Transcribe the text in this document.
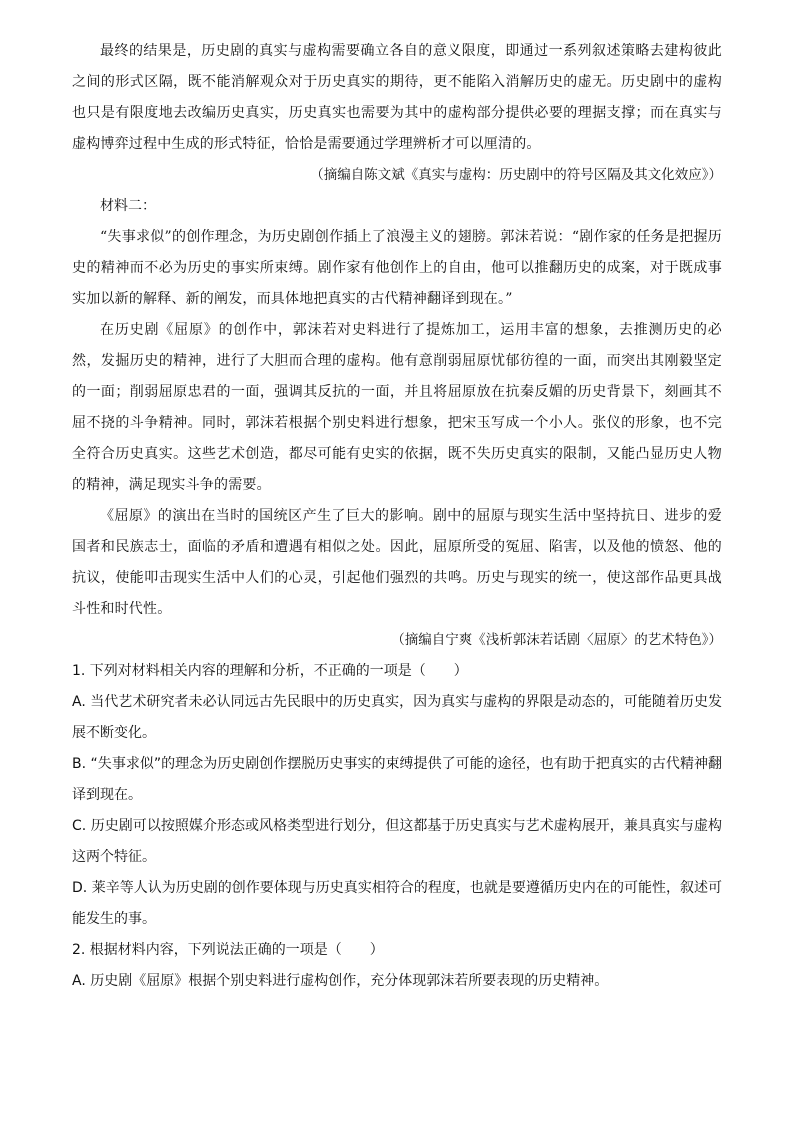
最终的结果是，历史剧的真实与虚构需要确立各自的意义限度，即通过一系列叙述策略去建构彼此之间的形式区隔，既不能消解观众对于历史真实的期待，更不能陷入消解历史的虚无。历史剧中的虚构也只是有限度地去改编历史真实，历史真实也需要为其中的虚构部分提供必要的理据支撑；而在真实与虚构博弈过程中生成的形式特征，恰恰是需要通过学理辨析才可以厘清的。

（摘编自陈文斌《真实与虚构：历史剧中的符号区隔及其文化效应》）

材料二：

“失事求似”的创作理念，为历史剧创作插上了浪漫主义的翅膀。郭沫若说：“剧作家的任务是把握历史的精神而不必为历史的事实所束缚。剧作家有他创作上的自由，他可以推翻历史的成案，对于既成事实加以新的解释、新的阐发，而具体地把真实的古代精神翻译到现在。”

在历史剧《屈原》的创作中，郭沫若对史料进行了提炼加工，运用丰富的想象，去推测历史的必然，发掘历史的精神，进行了大胆而合理的虚构。他有意削弱屈原忧郁彷徨的一面，而突出其刚毅坚定的一面；削弱屈原忠君的一面，强调其反抗的一面，并且将屈原放在抗秦反媚的历史背景下，刻画其不屈不挠的斗争精神。同时，郭沫若根据个别史料进行想象，把宋玉写成一个小人。张仪的形象，也不完全符合历史真实。这些艺术创造，都尽可能有史实的依据，既不失历史真实的限制，又能凸显历史人物的精神，满足现实斗争的需要。

《屈原》的演出在当时的国统区产生了巨大的影响。剧中的屈原与现实生活中坚持抗日、进步的爱国者和民族志士，面临的矛盾和遭遇有相似之处。因此，屈原所受的冤屈、陷害，以及他的愤怒、他的抗议，使能叩击现实生活中人们的心灵，引起他们强烈的共鸣。历史与现实的统一，使这部作品更具战斗性和时代性。

（摘编自宁爽《浅析郭沫若话剧〈屈原〉的艺术特色》）

1. 下列对材料相关内容的理解和分析，不正确的一项是（　　）

A. 当代艺术研究者未必认同远古先民眼中的历史真实，因为真实与虚构的界限是动态的，可能随着历史发展不断变化。

B. “失事求似”的理念为历史剧创作摆脱历史事实的束缚提供了可能的途径，也有助于把真实的古代精神翻译到现在。

C. 历史剧可以按照媒介形态或风格类型进行划分，但这都基于历史真实与艺术虚构展开，兼具真实与虚构这两个特征。

D. 莱辛等人认为历史剧的创作要体现与历史真实相符合的程度，也就是要遵循历史内在的可能性，叙述可能发生的事。

2. 根据材料内容，下列说法正确的一项是（　　）

A. 历史剧《屈原》根据个别史料进行虚构创作，充分体现郭沫若所要表现的历史精神。
